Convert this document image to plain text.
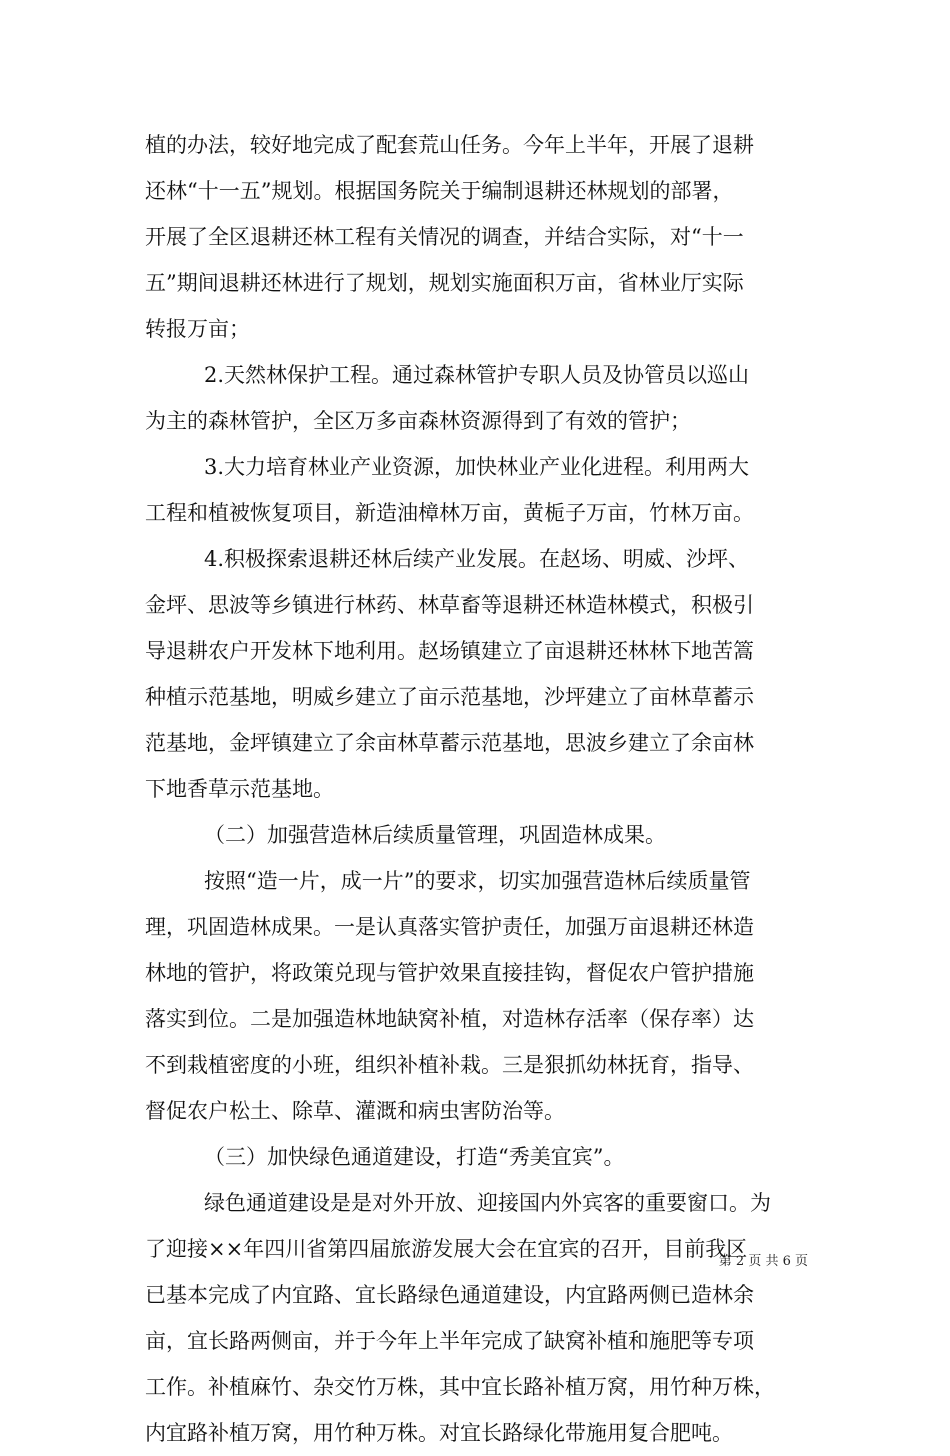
植的办法，较好地完成了配套荒山任务。今年上半年，开展了退耕
还林“十一五”规划。根据国务院关于编制退耕还林规划的部署，
开展了全区退耕还林工程有关情况的调查，并结合实际，对“十一
五”期间退耕还林进行了规划，规划实施面积万亩，省林业厅实际
转报万亩；
2.天然林保护工程。通过森林管护专职人员及协管员以巡山
为主的森林管护，全区万多亩森林资源得到了有效的管护；
3.大力培育林业产业资源，加快林业产业化进程。利用两大
工程和植被恢复项目，新造油樟林万亩，黄栀子万亩，竹林万亩。
4.积极探索退耕还林后续产业发展。在赵场、明威、沙坪、
金坪、思波等乡镇进行林药、林草畜等退耕还林造林模式，积极引
导退耕农户开发林下地利用。赵场镇建立了亩退耕还林林下地苦篙
种植示范基地，明威乡建立了亩示范基地，沙坪建立了亩林草蓄示
范基地，金坪镇建立了余亩林草蓄示范基地，思波乡建立了余亩林
下地香草示范基地。
（二）加强营造林后续质量管理，巩固造林成果。
按照“造一片，成一片”的要求，切实加强营造林后续质量管
理，巩固造林成果。一是认真落实管护责任，加强万亩退耕还林造
林地的管护，将政策兑现与管护效果直接挂钩，督促农户管护措施
落实到位。二是加强造林地缺窝补植，对造林存活率（保存率）达
不到栽植密度的小班，组织补植补栽。三是狠抓幼林抚育，指导、
督促农户松土、除草、灌溉和病虫害防治等。
（三）加快绿色通道建设，打造“秀美宜宾”。
绿色通道建设是是对外开放、迎接国内外宾客的重要窗口。为
了迎接××年四川省第四届旅游发展大会在宜宾的召开，目前我区
已基本完成了内宜路、宜长路绿色通道建设，内宜路两侧已造林余
亩，宜长路两侧亩，并于今年上半年完成了缺窝补植和施肥等专项
工作。补植麻竹、杂交竹万株，其中宜长路补植万窝，用竹种万株，
内宜路补植万窝，用竹种万株。对宜长路绿化带施用复合肥吨。
第 2 页 共 6 页
